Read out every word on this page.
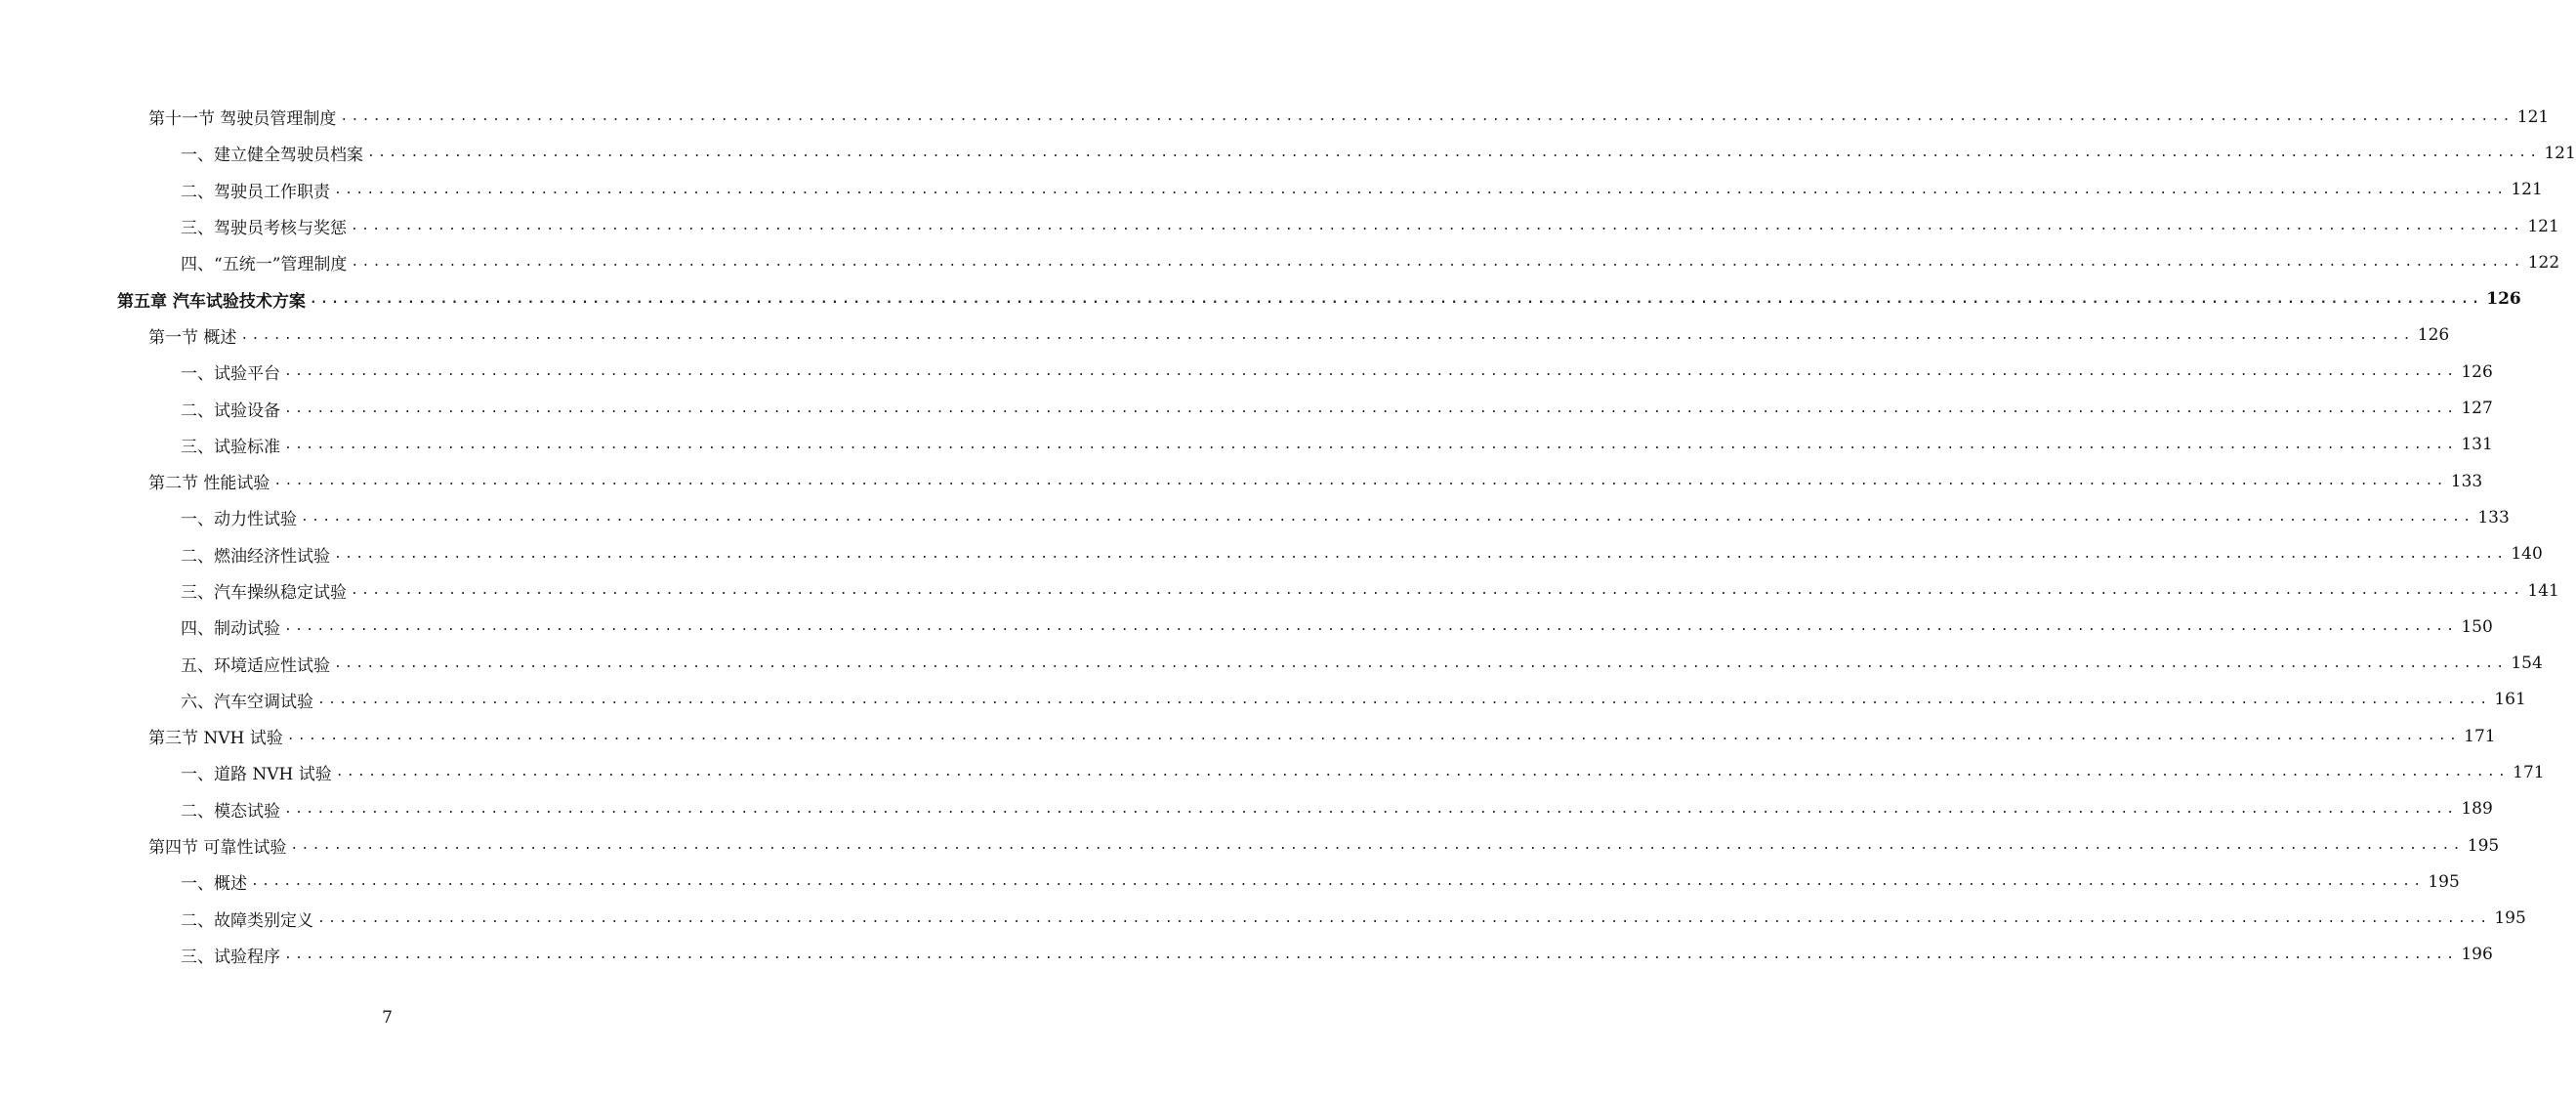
第十一节 驾驶员管理制度 ........................................................................................................................................................................................................ 121
一、建立健全驾驶员档案 ........................................................................................................................................................................................................ 121
二、驾驶员工作职责 ........................................................................................................................................................................................................ 121
三、驾驶员考核与奖惩 ........................................................................................................................................................................................................ 121
四、“五统一”管理制度 ........................................................................................................................................................................................................ 122
第五章 汽车试验技术方案 ........................................................................................................................................................................................................ 126
第一节 概述 ........................................................................................................................................................................................................ 126
一、试验平台 ........................................................................................................................................................................................................ 126
二、试验设备 ........................................................................................................................................................................................................ 127
三、试验标准 ........................................................................................................................................................................................................ 131
第二节 性能试验 ........................................................................................................................................................................................................ 133
一、动力性试验 ........................................................................................................................................................................................................ 133
二、燃油经济性试验 ........................................................................................................................................................................................................ 140
三、汽车操纵稳定试验 ........................................................................................................................................................................................................ 141
四、制动试验 ........................................................................................................................................................................................................ 150
五、环境适应性试验 ........................................................................................................................................................................................................ 154
六、汽车空调试验 ........................................................................................................................................................................................................ 161
第三节 NVH 试验 ........................................................................................................................................................................................................ 171
一、道路 NVH 试验 ........................................................................................................................................................................................................ 171
二、模态试验 ........................................................................................................................................................................................................ 189
第四节 可靠性试验 ........................................................................................................................................................................................................ 195
一、概述 ........................................................................................................................................................................................................ 195
二、故障类别定义 ........................................................................................................................................................................................................ 195
三、试验程序 ........................................................................................................................................................................................................ 196
7
